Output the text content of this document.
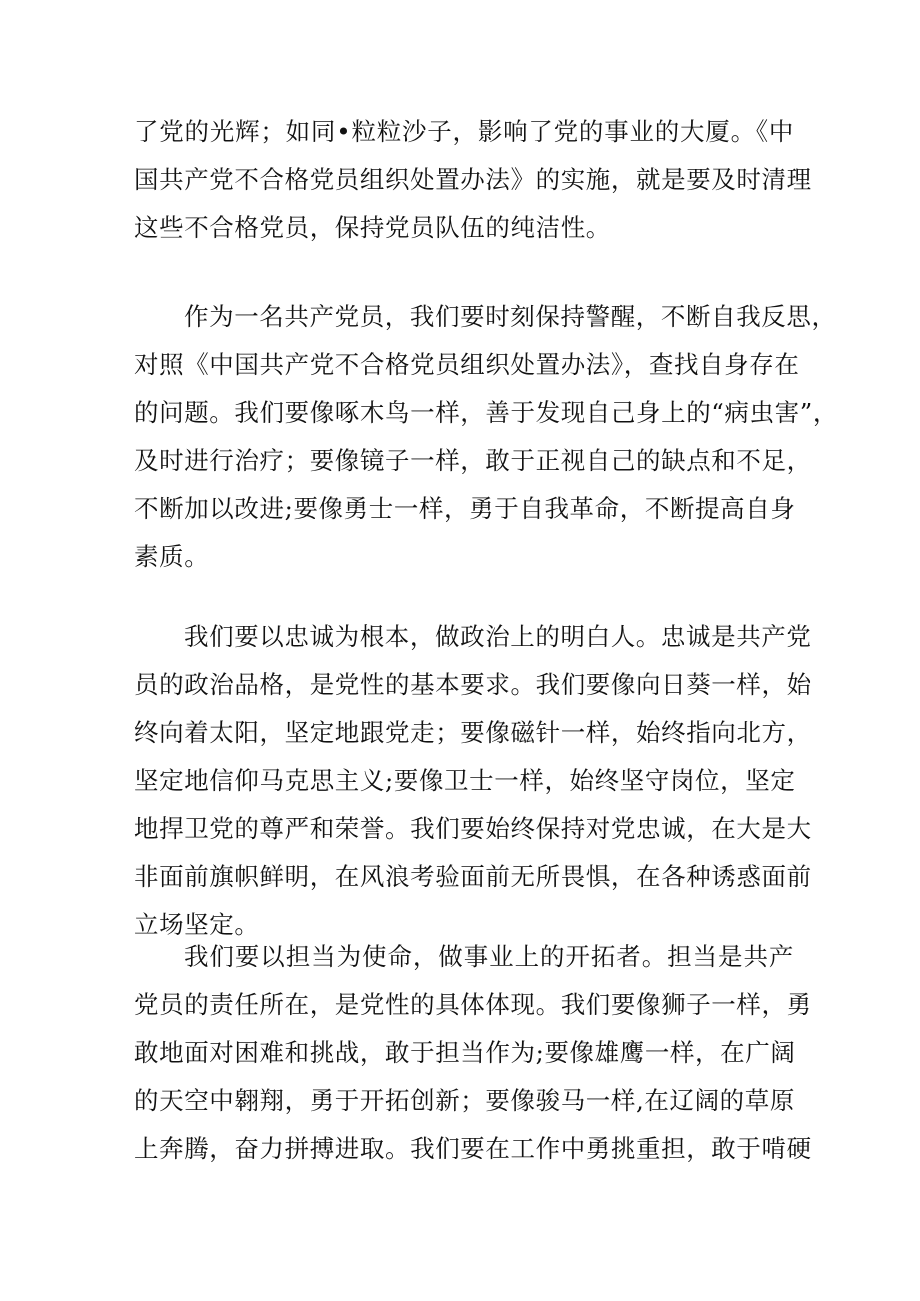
了党的光辉；如同•粒粒沙子，影响了党的事业的大厦。《中
国共产党不合格党员组织处置办法》的实施，就是要及时清理
这些不合格党员，保持党员队伍的纯洁性。
作为一名共产党员，我们要时刻保持警醒，不断自我反思，
对照《中国共产党不合格党员组织处置办法》，查找自身存在
的问题。我们要像啄木鸟一样，善于发现自己身上的“病虫害”，
及时进行治疗；要像镜子一样，敢于正视自己的缺点和不足，
不断加以改进;要像勇士一样，勇于自我革命，不断提高自身
素质。
我们要以忠诚为根本，做政治上的明白人。忠诚是共产党
员的政治品格，是党性的基本要求。我们要像向日葵一样，始
终向着太阳，坚定地跟党走；要像磁针一样，始终指向北方，
坚定地信仰马克思主义;要像卫士一样，始终坚守岗位，坚定
地捍卫党的尊严和荣誉。我们要始终保持对党忠诚，在大是大
非面前旗帜鲜明，在风浪考验面前无所畏惧，在各种诱惑面前
立场坚定。
我们要以担当为使命，做事业上的开拓者。担当是共产
党员的责任所在，是党性的具体体现。我们要像狮子一样，勇
敢地面对困难和挑战，敢于担当作为;要像雄鹰一样，在广阔
的天空中翱翔，勇于开拓创新；要像骏马一样,在辽阔的草原
上奔腾，奋力拼搏进取。我们要在工作中勇挑重担，敢于啃硬
